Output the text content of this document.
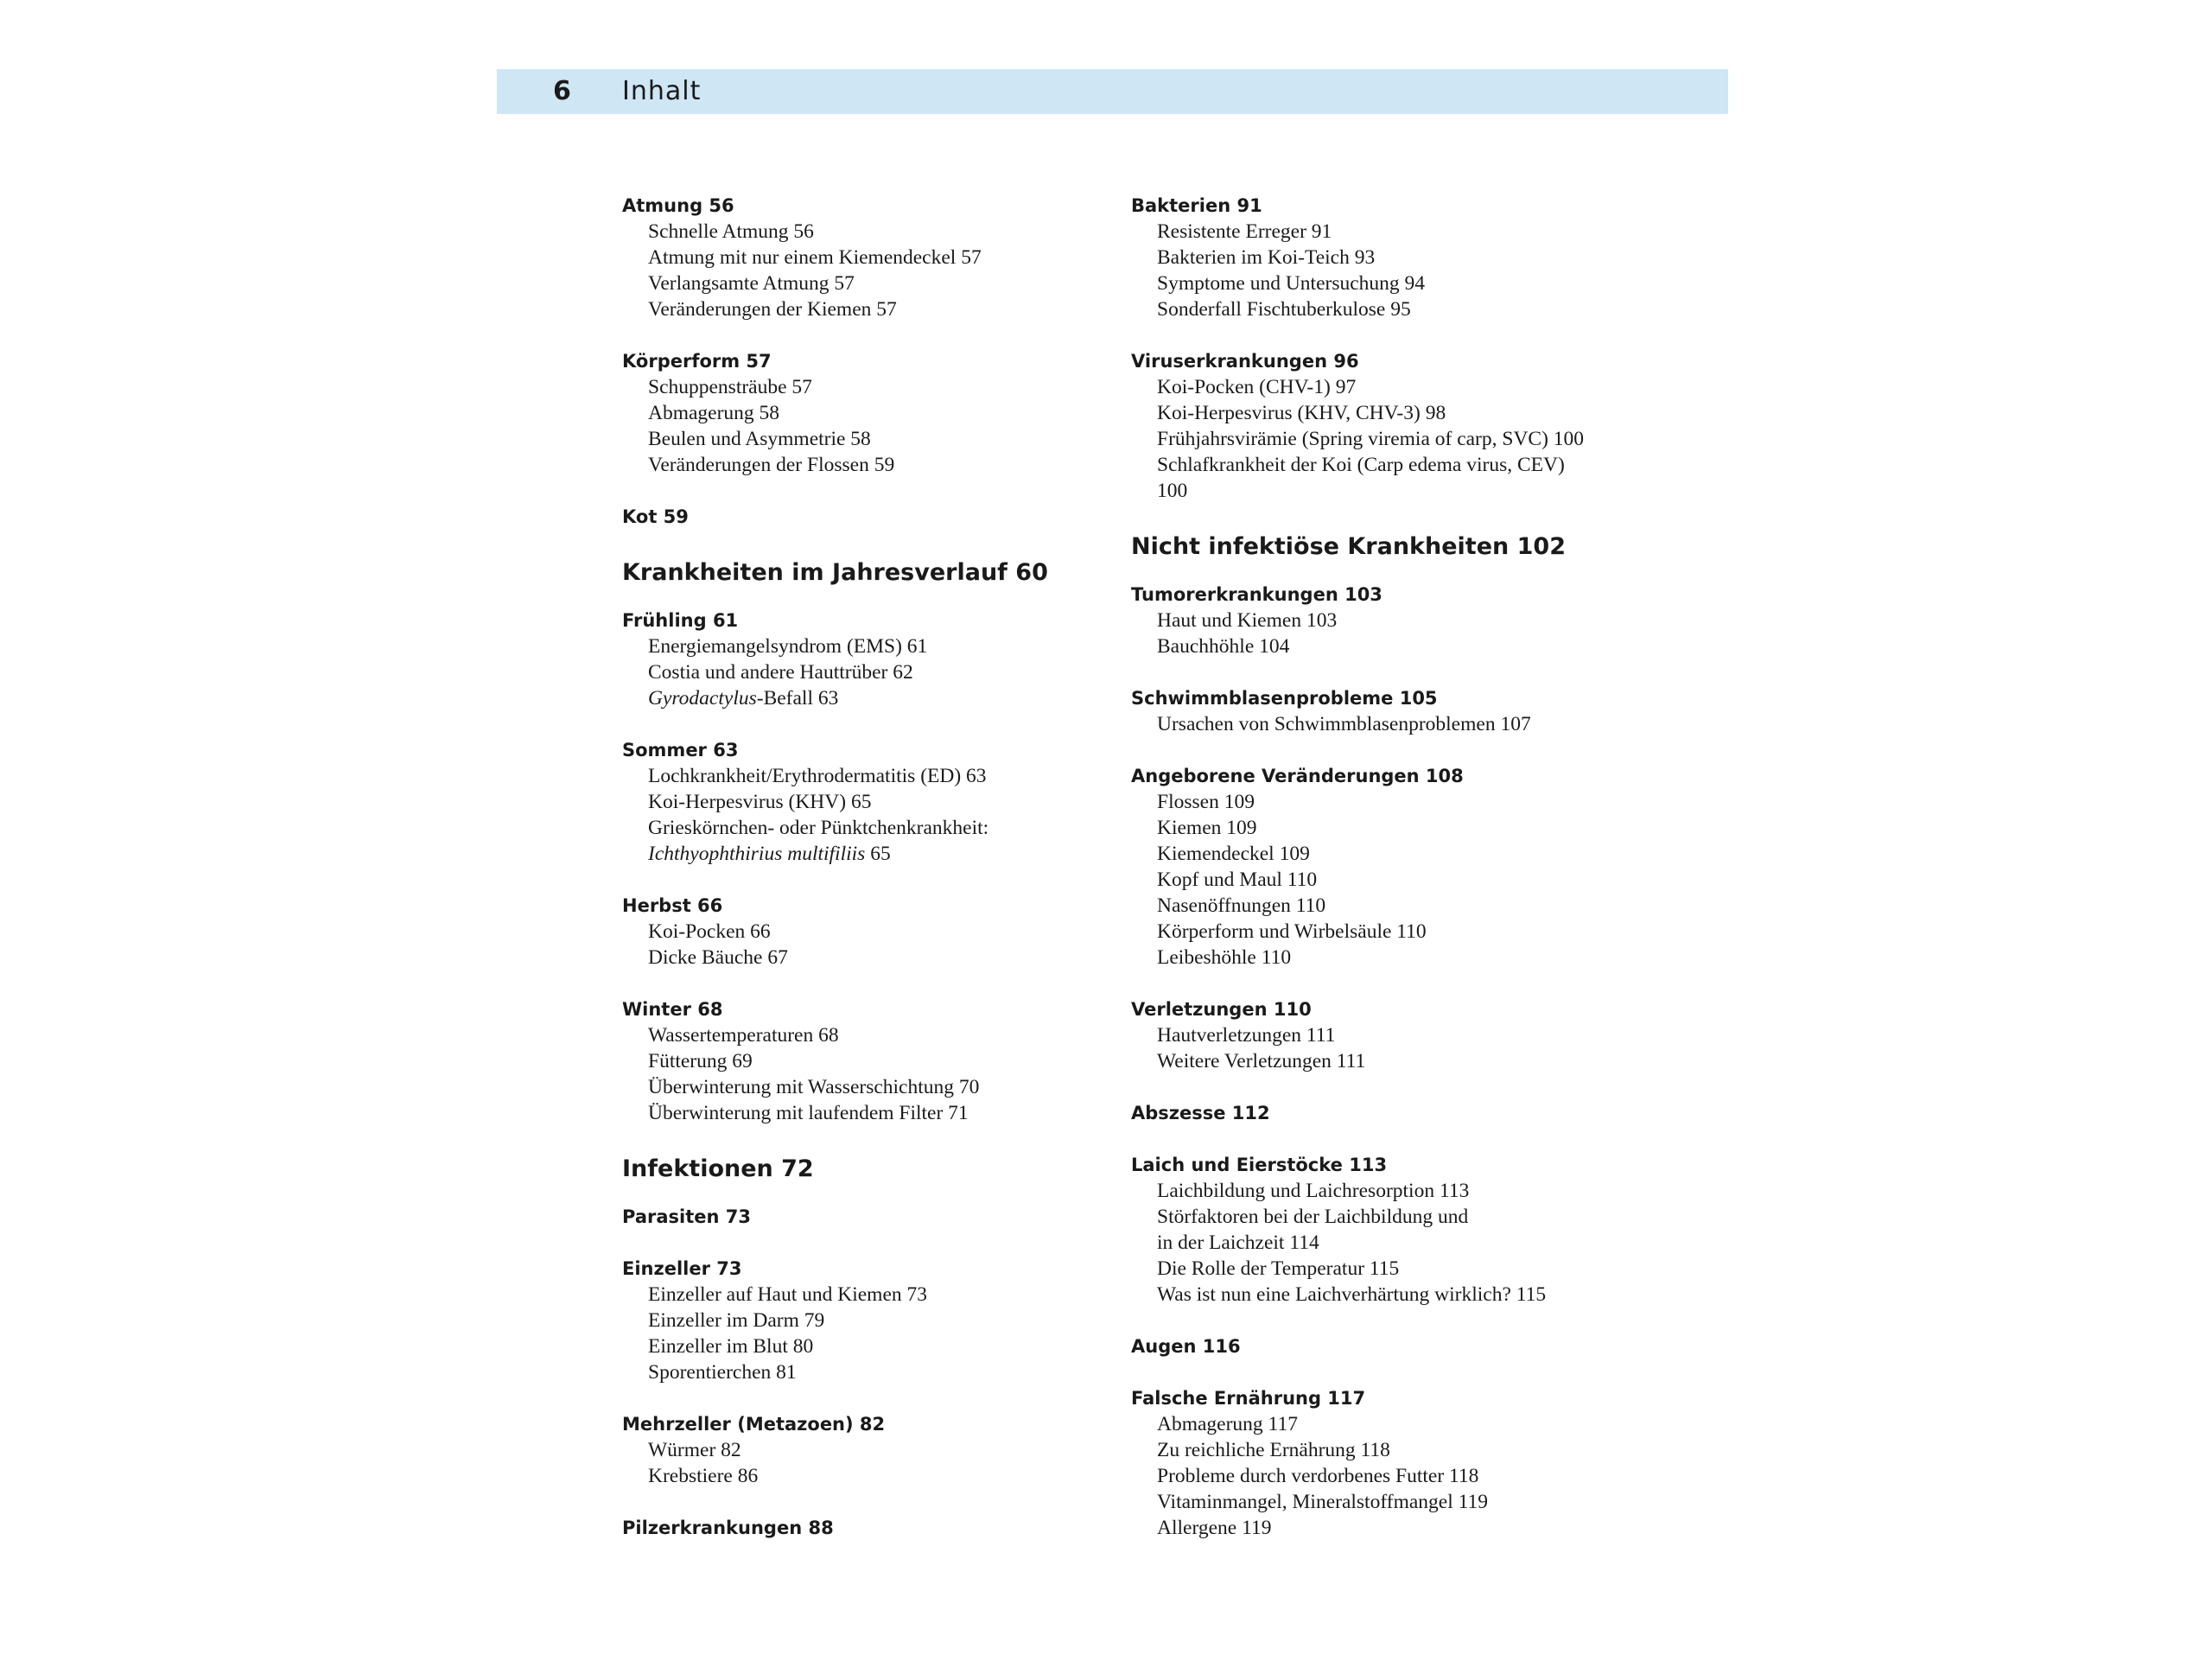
6 Inhalt
Atmung 56
Schnelle Atmung 56
Atmung mit nur einem Kiemendeckel 57
Verlangsamte Atmung 57
Veränderungen der Kiemen 57
Körperform 57
Schuppensträube 57
Abmagerung 58
Beulen und Asymmetrie 58
Veränderungen der Flossen 59
Kot 59
Krankheiten im Jahresverlauf 60
Frühling 61
Energiemangelsyndrom (EMS) 61
Costia und andere Hauttrüber 62
Gyrodactylus-Befall 63
Sommer 63
Lochkrankheit/Erythrodermatitis (ED) 63
Koi-Herpesvirus (KHV) 65
Grieskörnchen- oder Pünktchenkrankheit:
Ichthyophthirius multifiliis 65
Herbst 66
Koi-Pocken 66
Dicke Bäuche 67
Winter 68
Wassertemperaturen 68
Fütterung 69
Überwinterung mit Wasserschichtung 70
Überwinterung mit laufendem Filter 71
Infektionen 72
Parasiten 73
Einzeller 73
Einzeller auf Haut und Kiemen 73
Einzeller im Darm 79
Einzeller im Blut 80
Sporentierchen 81
Mehrzeller (Metazoen) 82
Würmer 82
Krebstiere 86
Pilzerkrankungen 88
Bakterien 91
Resistente Erreger 91
Bakterien im Koi-Teich 93
Symptome und Untersuchung 94
Sonderfall Fischtuberkulose 95
Viruserkrankungen 96
Koi-Pocken (CHV-1) 97
Koi-Herpesvirus (KHV, CHV-3) 98
Frühjahrsvirämie (Spring viremia of carp, SVC) 100
Schlafkrankheit der Koi (Carp edema virus, CEV)
100
Nicht infektiöse Krankheiten 102
Tumorerkrankungen 103
Haut und Kiemen 103
Bauchhöhle 104
Schwimmblasenprobleme 105
Ursachen von Schwimmblasenproblemen 107
Angeborene Veränderungen 108
Flossen 109
Kiemen 109
Kiemendeckel 109
Kopf und Maul 110
Nasenöffnungen 110
Körperform und Wirbelsäule 110
Leibeshöhle 110
Verletzungen 110
Hautverletzungen 111
Weitere Verletzungen 111
Abszesse 112
Laich und Eierstöcke 113
Laichbildung und Laichresorption 113
Störfaktoren bei der Laichbildung und
in der Laichzeit 114
Die Rolle der Temperatur 115
Was ist nun eine Laichverhärtung wirklich? 115
Augen 116
Falsche Ernährung 117
Abmagerung 117
Zu reichliche Ernährung 118
Probleme durch verdorbenes Futter 118
Vitaminmangel, Mineralstoffmangel 119
Allergene 119
